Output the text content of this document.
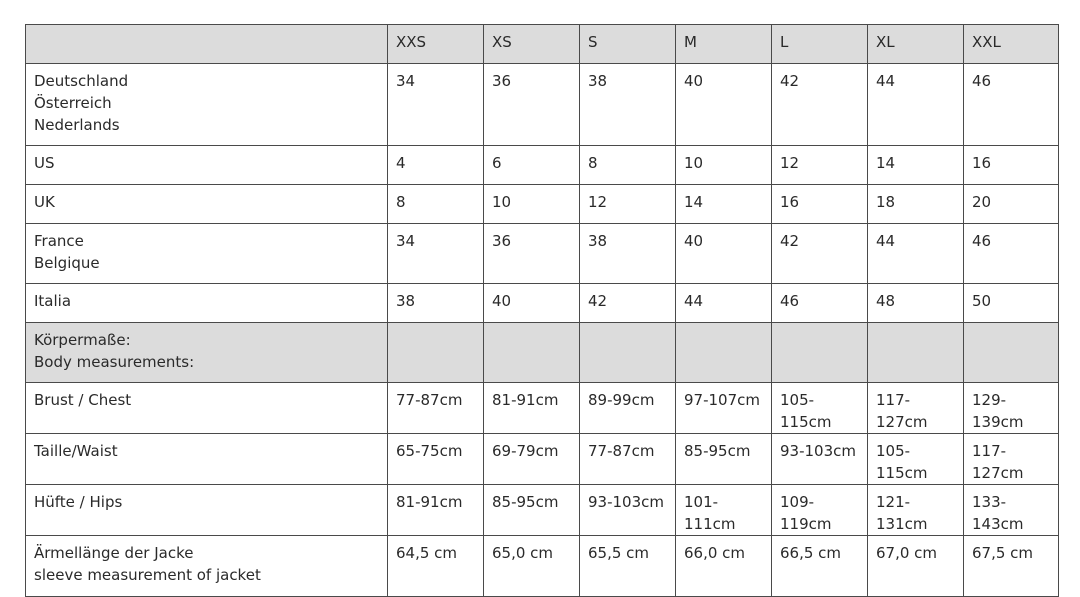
	XXS	XS	S	M	L	XL	XXL
Deutschland
Österreich
Nederlands	34	36	38	40	42	44	46
US	4	6	8	10	12	14	16
UK	8	10	12	14	16	18	20
France
Belgique	34	36	38	40	42	44	46
Italia	38	40	42	44	46	48	50
Körpermaße:
Body measurements:							
Brust / Chest	77-87cm	81-91cm	89-99cm	97-107cm	105-115cm	117-127cm	129-139cm
Taille/Waist	65-75cm	69-79cm	77-87cm	85-95cm	93-103cm	105-115cm	117-127cm
Hüfte / Hips	81-91cm	85-95cm	93-103cm	101-111cm	109-119cm	121-131cm	133-143cm
Ärmellänge der Jacke
sleeve measurement of jacket	64,5 cm	65,0 cm	65,5 cm	66,0 cm	66,5 cm	67,0 cm	67,5 cm
